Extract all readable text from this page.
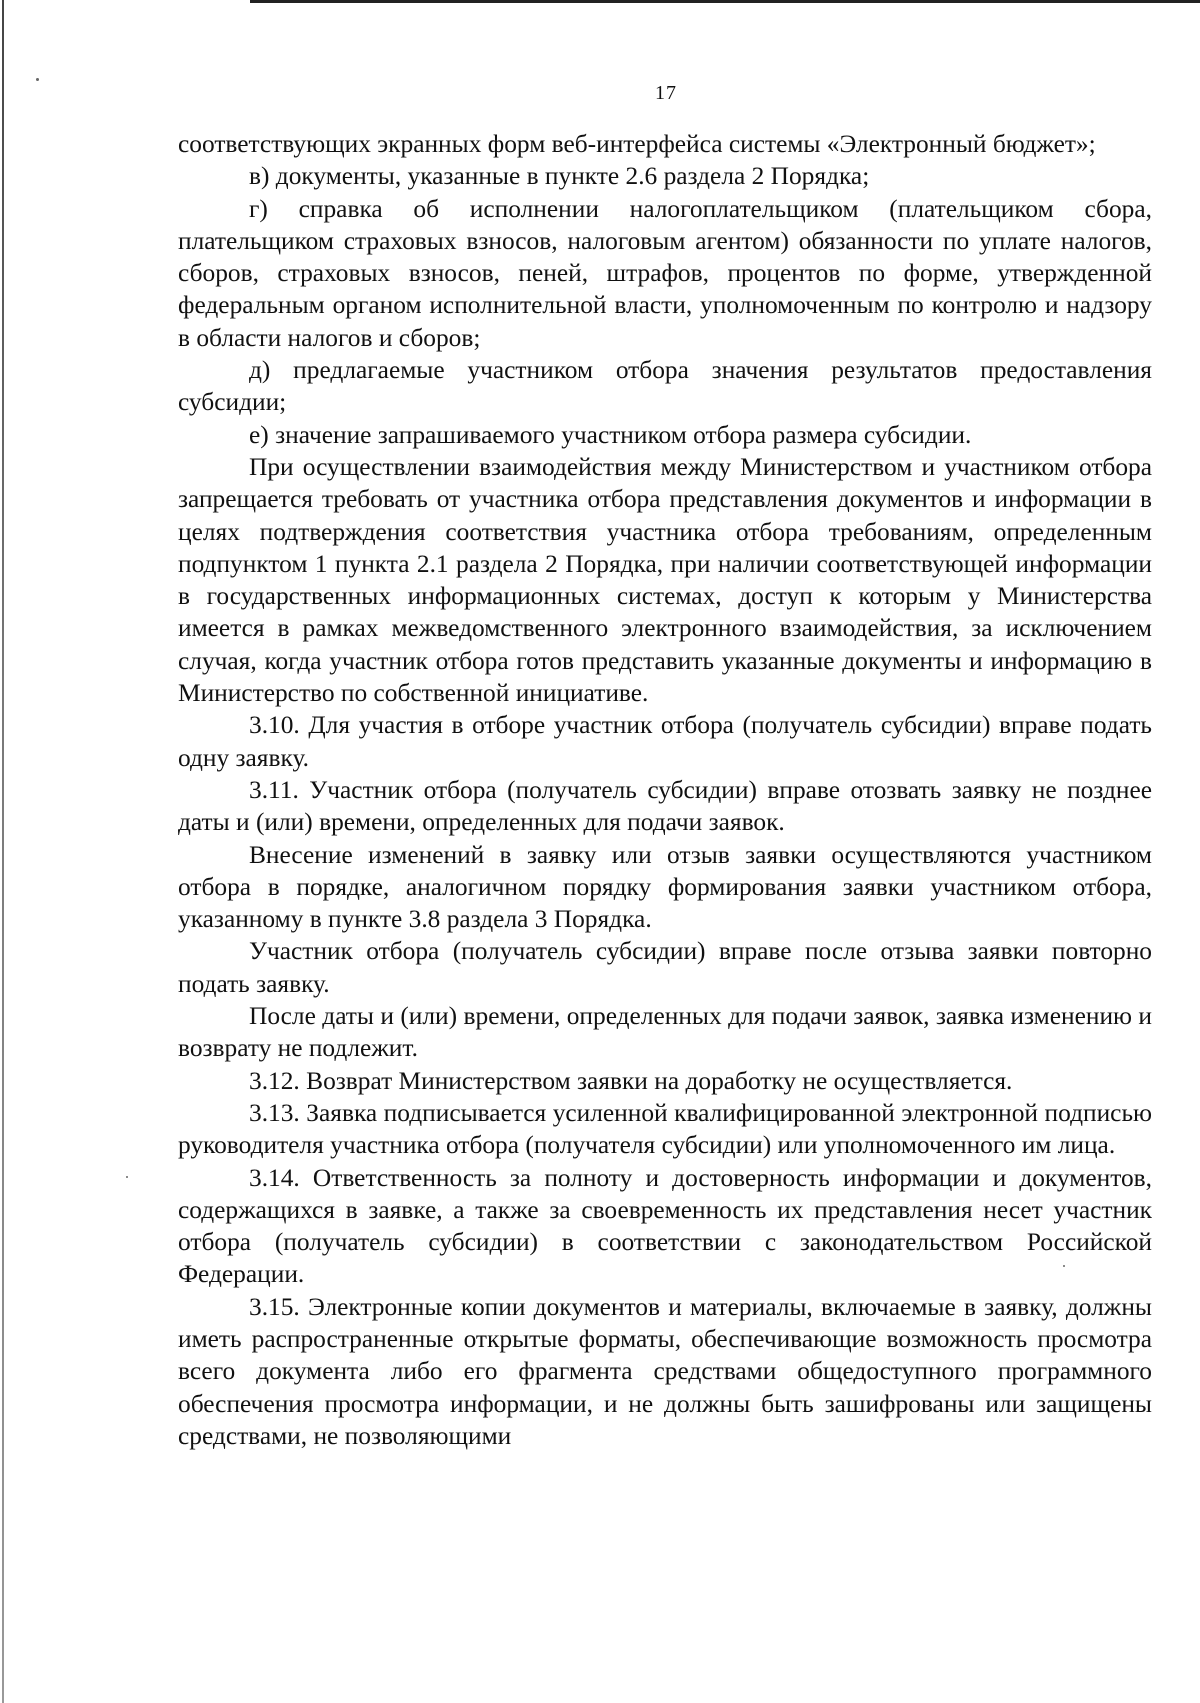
17

соответствующих экранных форм веб-интерфейса системы «Электронный бюджет»;

в) документы, указанные в пункте 2.6 раздела 2 Порядка;

г) справка об исполнении налогоплательщиком (плательщиком сбора, плательщиком страховых взносов, налоговым агентом) обязанности по уплате налогов, сборов, страховых взносов, пеней, штрафов, процентов по форме, утвержденной федеральным органом исполнительной власти, уполномоченным по контролю и надзору в области налогов и сборов;

д) предлагаемые участником отбора значения результатов предоставления субсидии;

е) значение запрашиваемого участником отбора размера субсидии.

При осуществлении взаимодействия между Министерством и участником отбора запрещается требовать от участника отбора представления документов и информации в целях подтверждения соответствия участника отбора требованиям, определенным подпунктом 1 пункта 2.1 раздела 2 Порядка, при наличии соответствующей информации в государственных информационных системах, доступ к которым у Министерства имеется в рамках межведомственного электронного взаимодействия, за исключением случая, когда участник отбора готов представить указанные документы и информацию в Министерство по собственной инициативе.

3.10. Для участия в отборе участник отбора (получатель субсидии) вправе подать одну заявку.

3.11. Участник отбора (получатель субсидии) вправе отозвать заявку не позднее даты и (или) времени, определенных для подачи заявок.

Внесение изменений в заявку или отзыв заявки осуществляются участником отбора в порядке, аналогичном порядку формирования заявки участником отбора, указанному в пункте 3.8 раздела 3 Порядка.

Участник отбора (получатель субсидии) вправе после отзыва заявки повторно подать заявку.

После даты и (или) времени, определенных для подачи заявок, заявка изменению и возврату не подлежит.

3.12. Возврат Министерством заявки на доработку не осуществляется.

3.13. Заявка подписывается усиленной квалифицированной электронной подписью руководителя участника отбора (получателя субсидии) или уполномоченного им лица.

3.14. Ответственность за полноту и достоверность информации и документов, содержащихся в заявке, а также за своевременность их представления несет участник отбора (получатель субсидии) в соответствии с законодательством Российской Федерации.

3.15. Электронные копии документов и материалы, включаемые в заявку, должны иметь распространенные открытые форматы, обеспечивающие возможность просмотра всего документа либо его фрагмента средствами общедоступного программного обеспечения просмотра информации, и не должны быть зашифрованы или защищены средствами, не позволяющими
